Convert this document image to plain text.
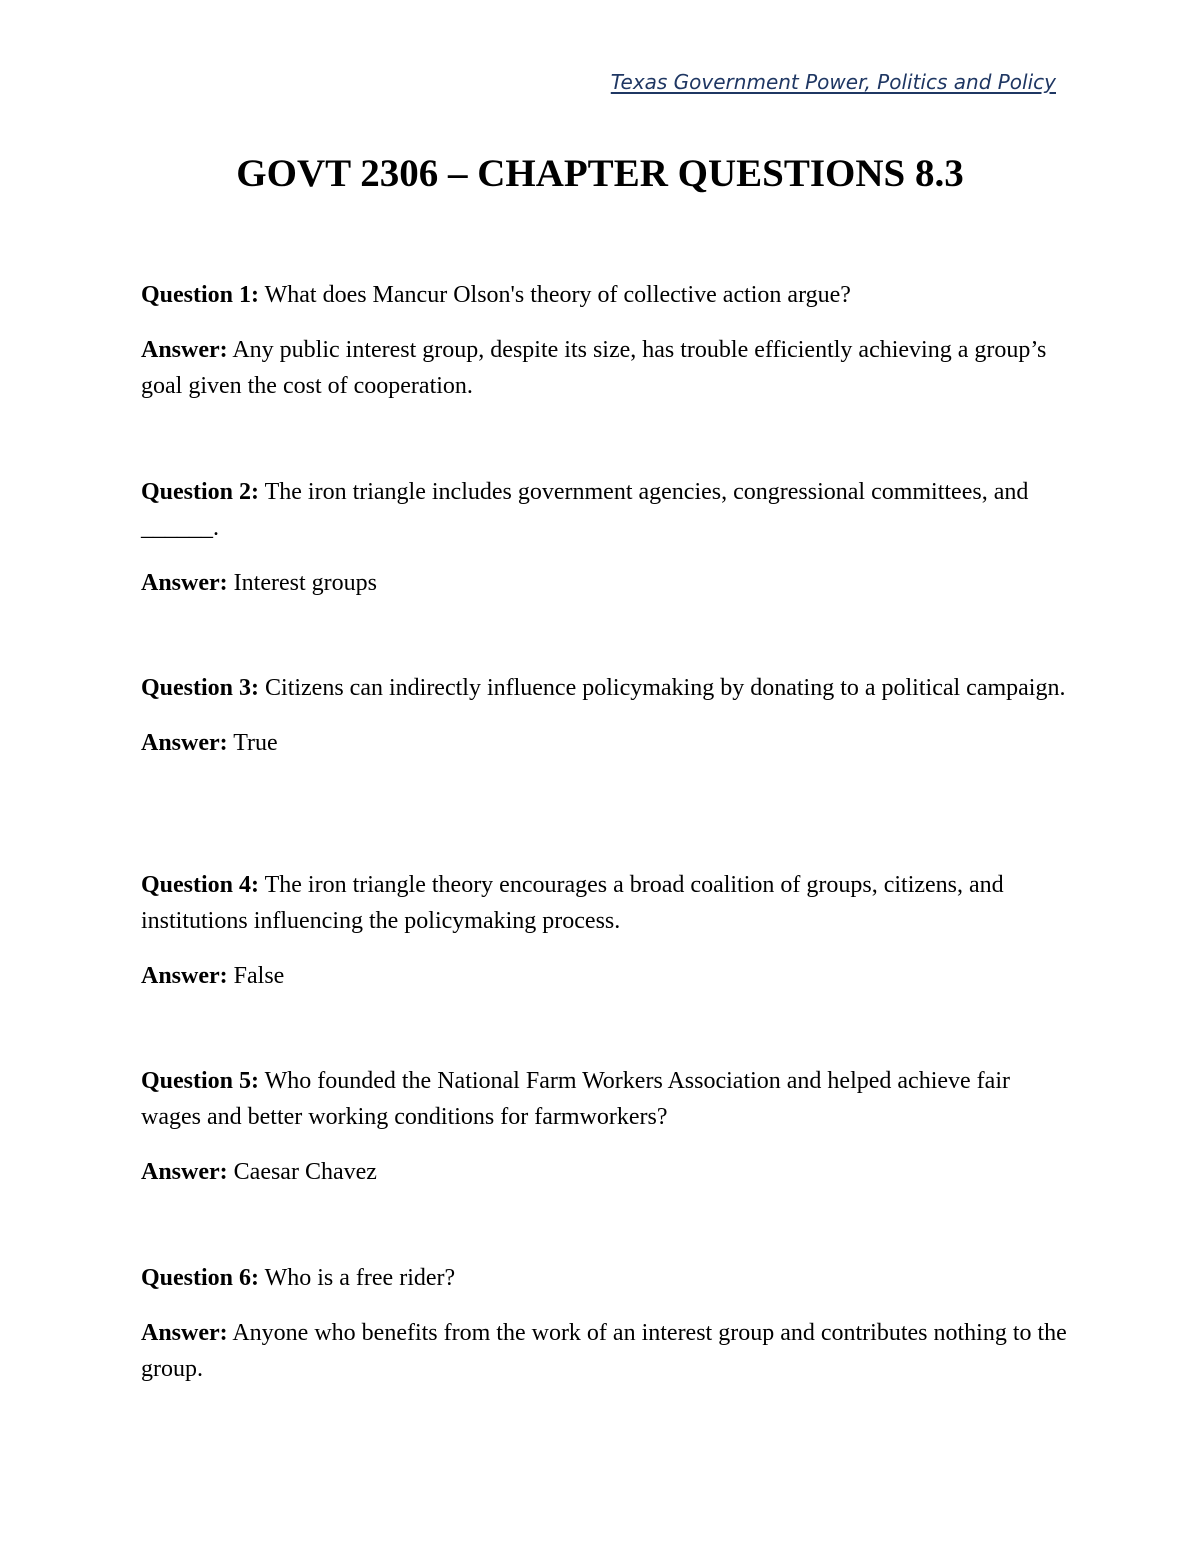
Texas Government Power, Politics and Policy
GOVT 2306 – CHAPTER QUESTIONS 8.3

Question 1: What does Mancur Olson's theory of collective action argue?

Answer: Any public interest group, despite its size, has trouble efficiently achieving a group’s goal given the cost of cooperation.

Question 2: The iron triangle includes government agencies, congressional committees, and ______.

Answer: Interest groups

Question 3: Citizens can indirectly influence policymaking by donating to a political campaign.

Answer: True

Question 4: The iron triangle theory encourages a broad coalition of groups, citizens, and institutions influencing the policymaking process.

Answer: False

Question 5: Who founded the National Farm Workers Association and helped achieve fair wages and better working conditions for farmworkers?

Answer: Caesar Chavez

Question 6: Who is a free rider?

Answer: Anyone who benefits from the work of an interest group and contributes nothing to the group.
